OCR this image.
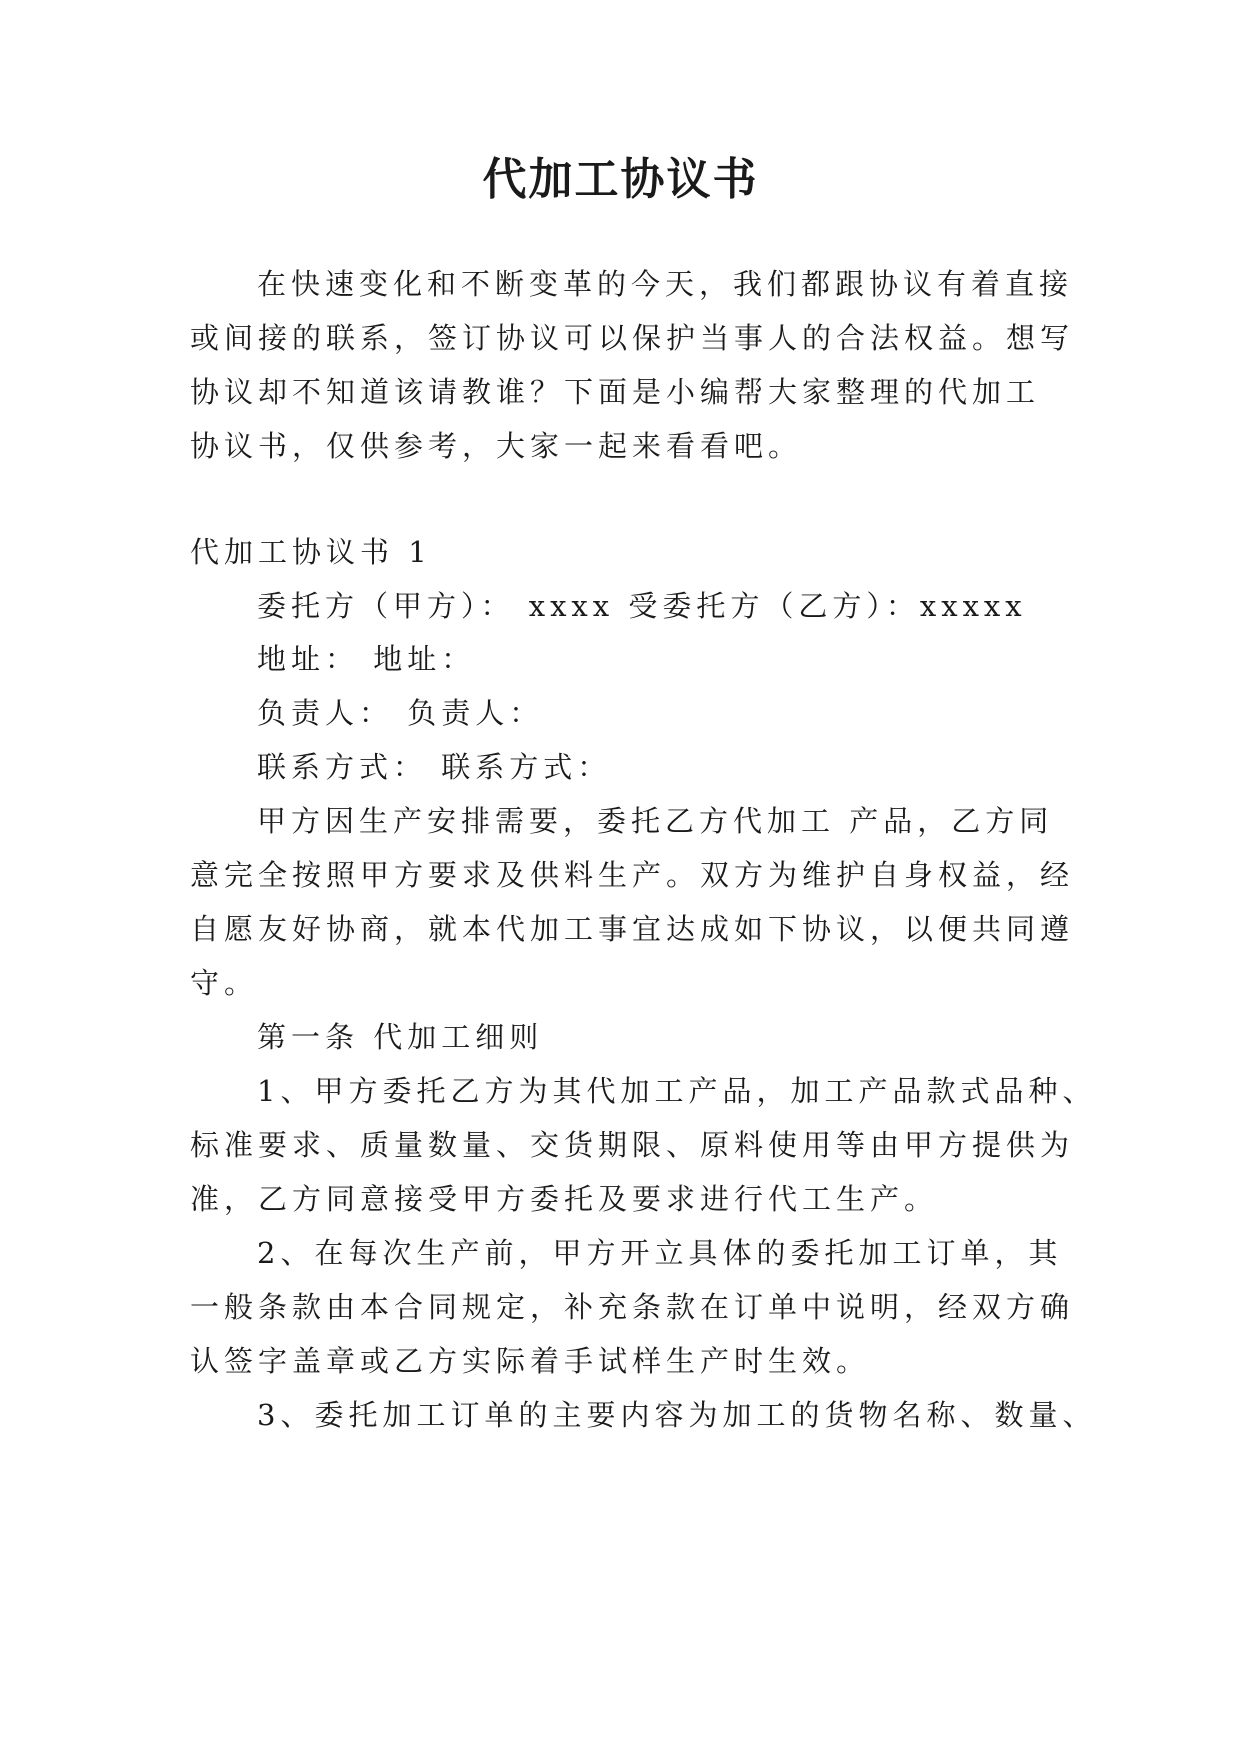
代加工协议书
在快速变化和不断变革的今天，我们都跟协议有着直接
或间接的联系，签订协议可以保护当事人的合法权益。想写
协议却不知道该请教谁？下面是小编帮大家整理的代加工
协议书，仅供参考，大家一起来看看吧。
代加工协议书 1
委托方（甲方）： xxxx 受委托方（乙方）：xxxxx
地址： 地址：
负责人： 负责人：
联系方式： 联系方式：
甲方因生产安排需要，委托乙方代加工 产品，乙方同
意完全按照甲方要求及供料生产。双方为维护自身权益，经
自愿友好协商，就本代加工事宜达成如下协议，以便共同遵
守。
第一条 代加工细则
1、甲方委托乙方为其代加工产品，加工产品款式品种、
标准要求、质量数量、交货期限、原料使用等由甲方提供为
准，乙方同意接受甲方委托及要求进行代工生产。
2、在每次生产前，甲方开立具体的委托加工订单，其
一般条款由本合同规定，补充条款在订单中说明，经双方确
认签字盖章或乙方实际着手试样生产时生效。
3、委托加工订单的主要内容为加工的货物名称、数量、
